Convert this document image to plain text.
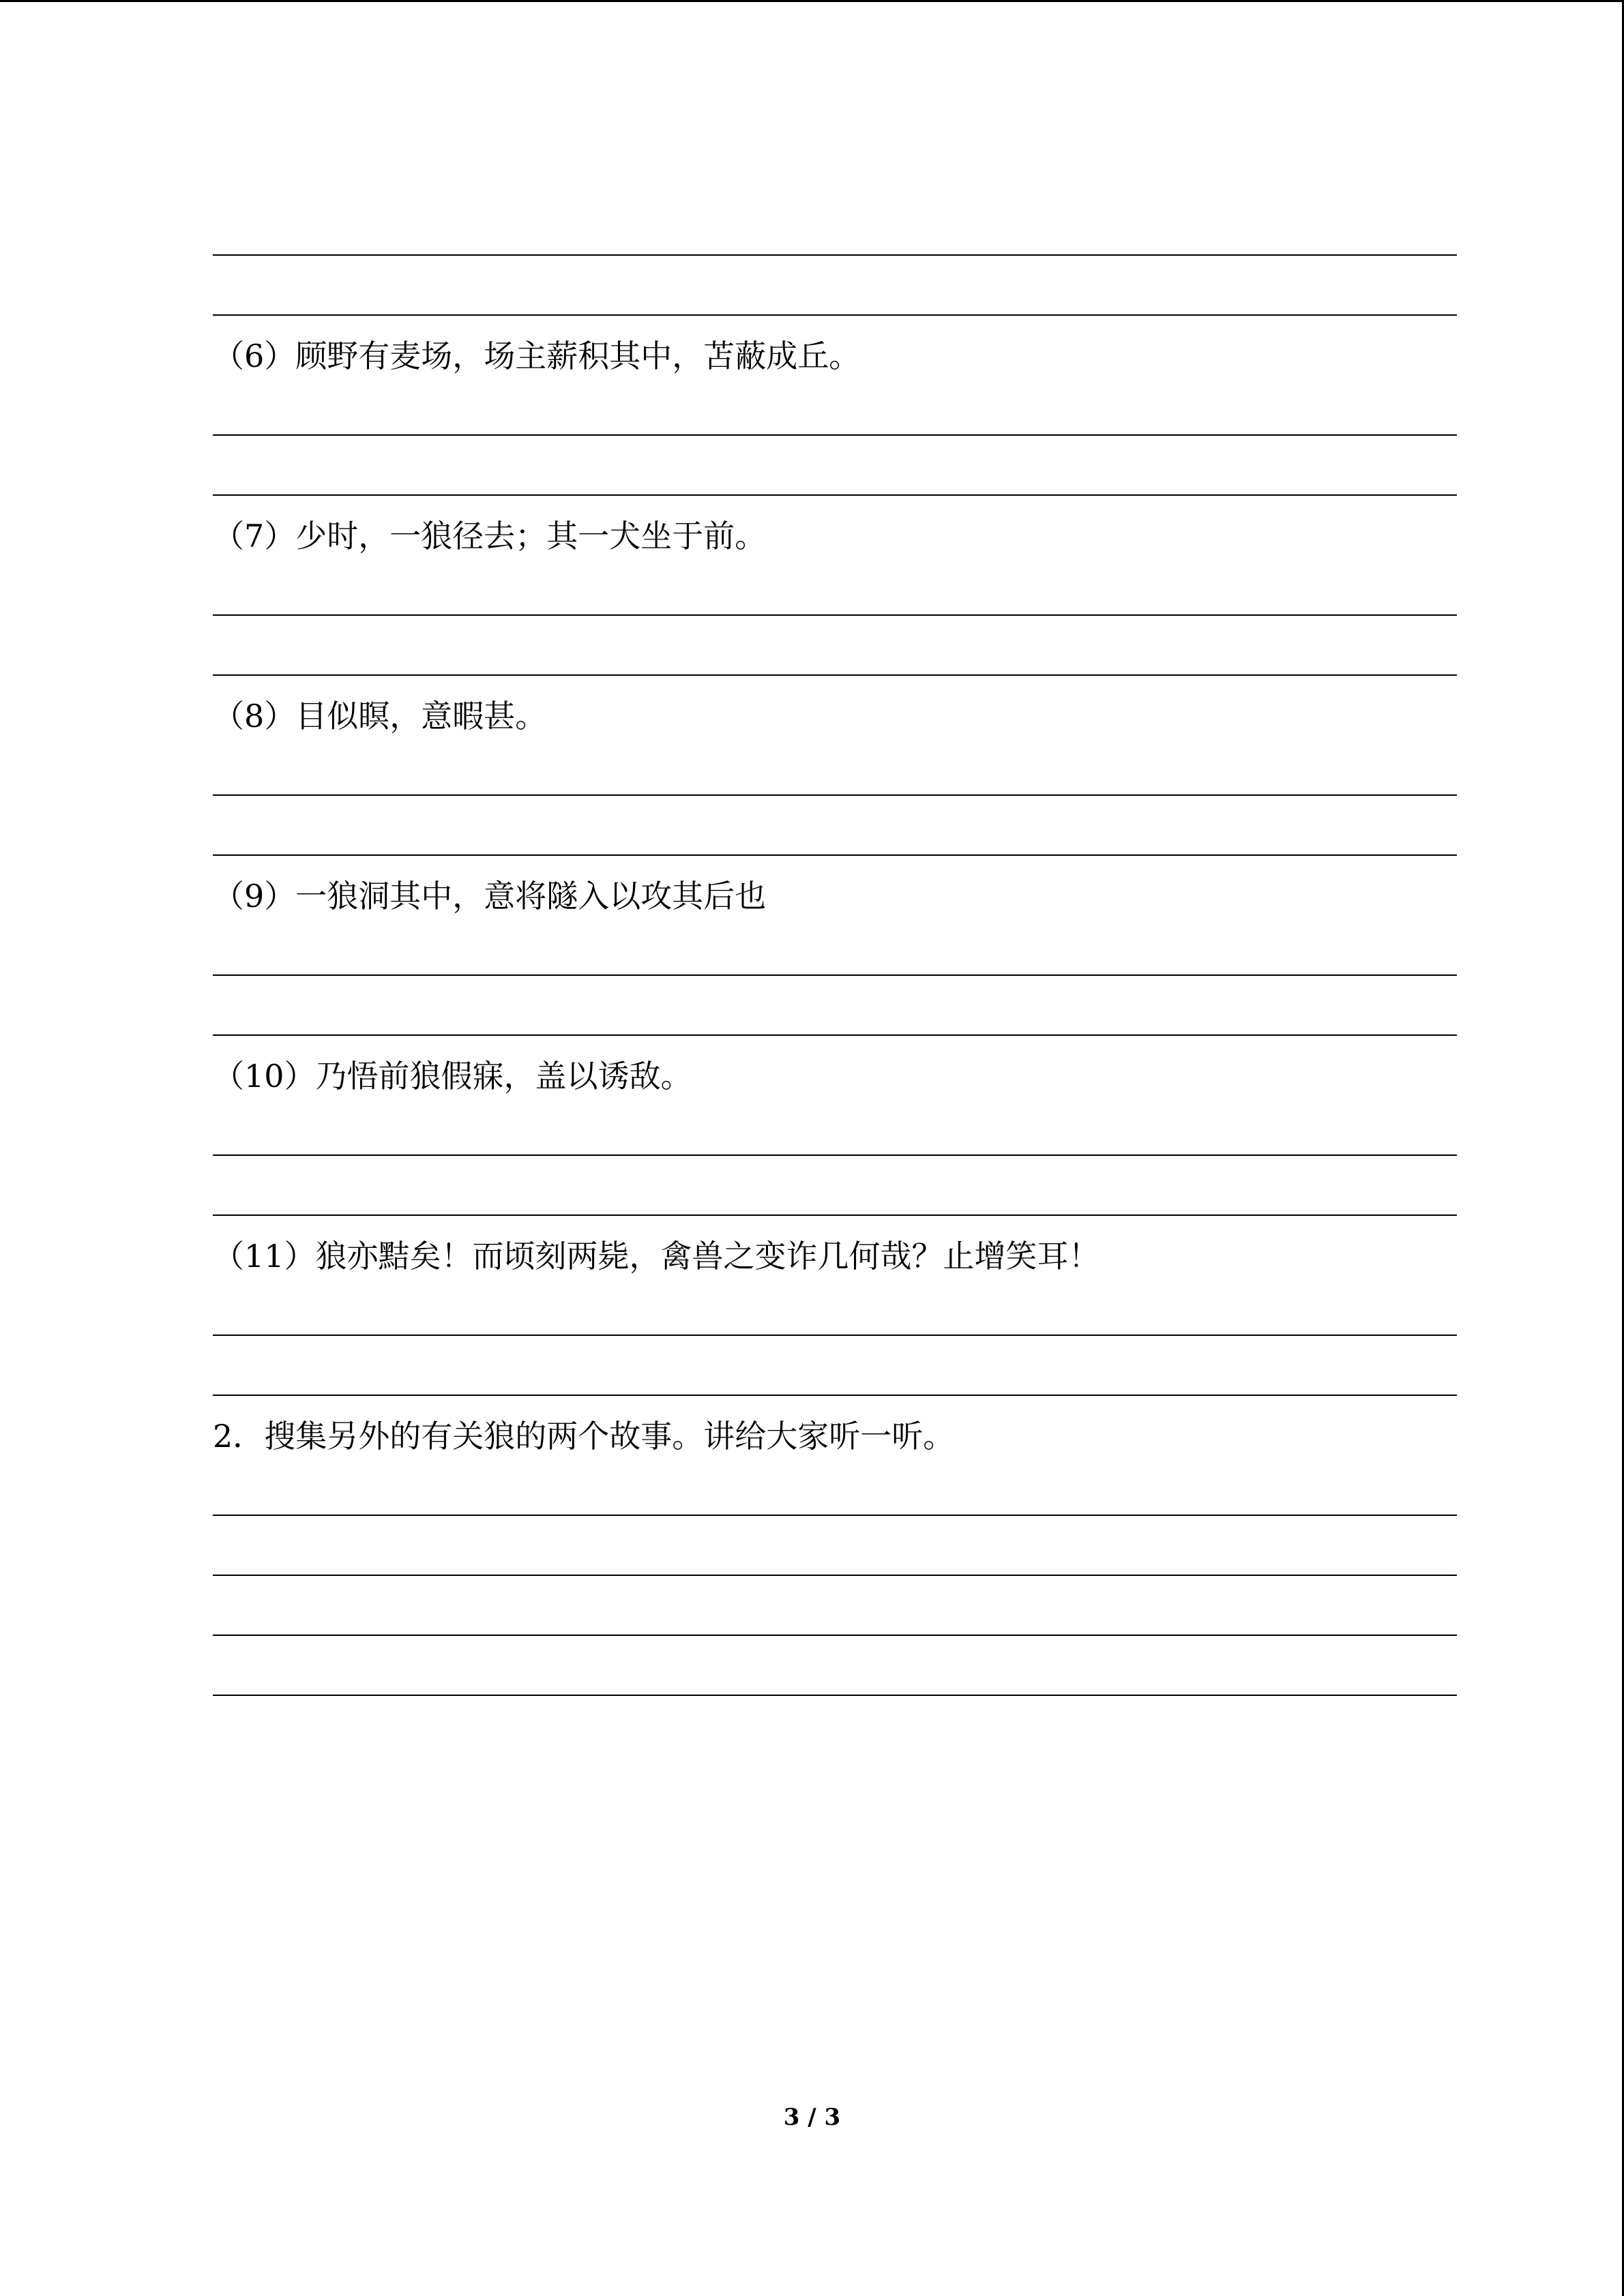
（6）顾野有麦场，场主薪积其中，苫蔽成丘。
（7）少时，一狼径去；其一犬坐于前。
（8）目似瞑，意暇甚。
（9）一狼洞其中，意将隧入以攻其后也
（10）乃悟前狼假寐，盖以诱敌。
（11）狼亦黠矣！而顷刻两毙，禽兽之变诈几何哉？止增笑耳！
2．搜集另外的有关狼的两个故事。讲给大家听一听。
3 / 3
